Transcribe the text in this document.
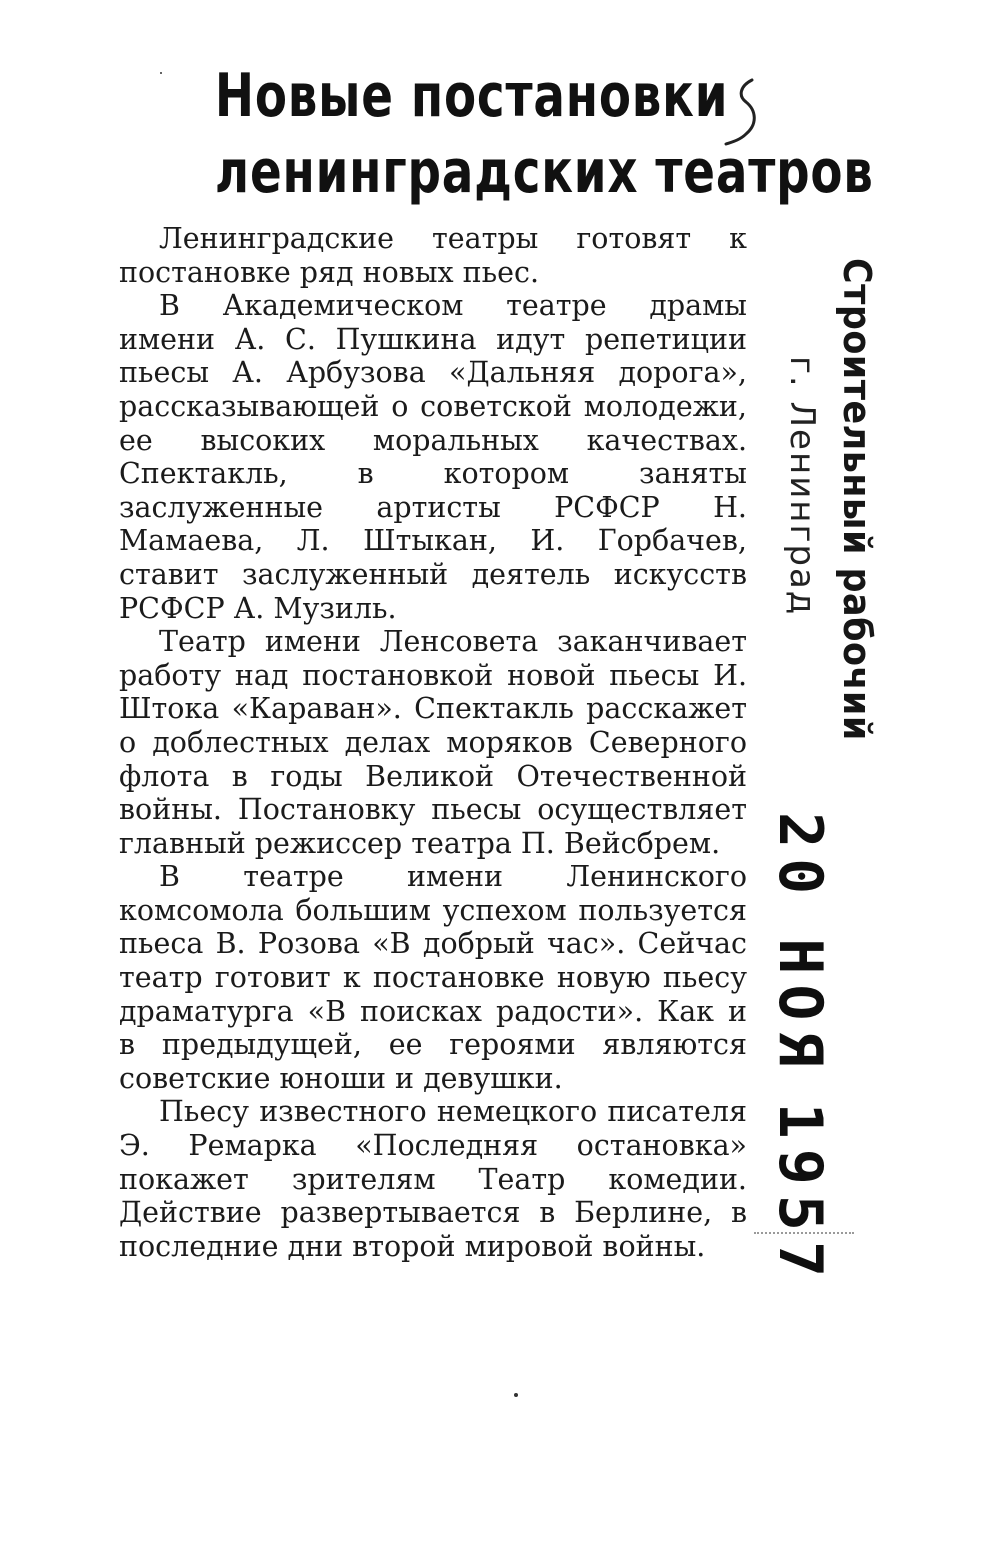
Новые постановки
ленинградских театров

Ленинградские театры готовят к постановке ряд новых пьес.

В Академическом театре драмы имени А. С. Пушкина идут репетиции пьесы А. Арбузова «Дальняя дорога», рассказывающей о советской молодежи, ее высоких моральных качествах. Спектакль, в котором заняты заслуженные артисты РСФСР Н. Мамаева, Л. Штыкан, И. Горбачев, ставит заслуженный деятель искусств РСФСР А. Музиль.

Театр имени Ленсовета заканчивает работу над постановкой новой пьесы И. Штока «Караван». Спектакль расскажет о доблестных делах моряков Северного флота в годы Великой Отечественной войны. Постановку пьесы осуществляет главный режиссер театра П. Вейсбрем.

В театре имени Ленинского комсомола большим успехом пользуется пьеса В. Розова «В добрый час». Сейчас театр готовит к постановке новую пьесу драматурга «В поисках радости». Как и в предыдущей, ее героями являются советские юноши и девушки.

Пьесу известного немецкого писателя Э. Ремарка «Последняя остановка» покажет зрителям Театр комедии. Действие развертывается в Берлине, в последние дни второй мировой войны.

Строительный рабочий
г. Ленинград
20НОЯ1957
